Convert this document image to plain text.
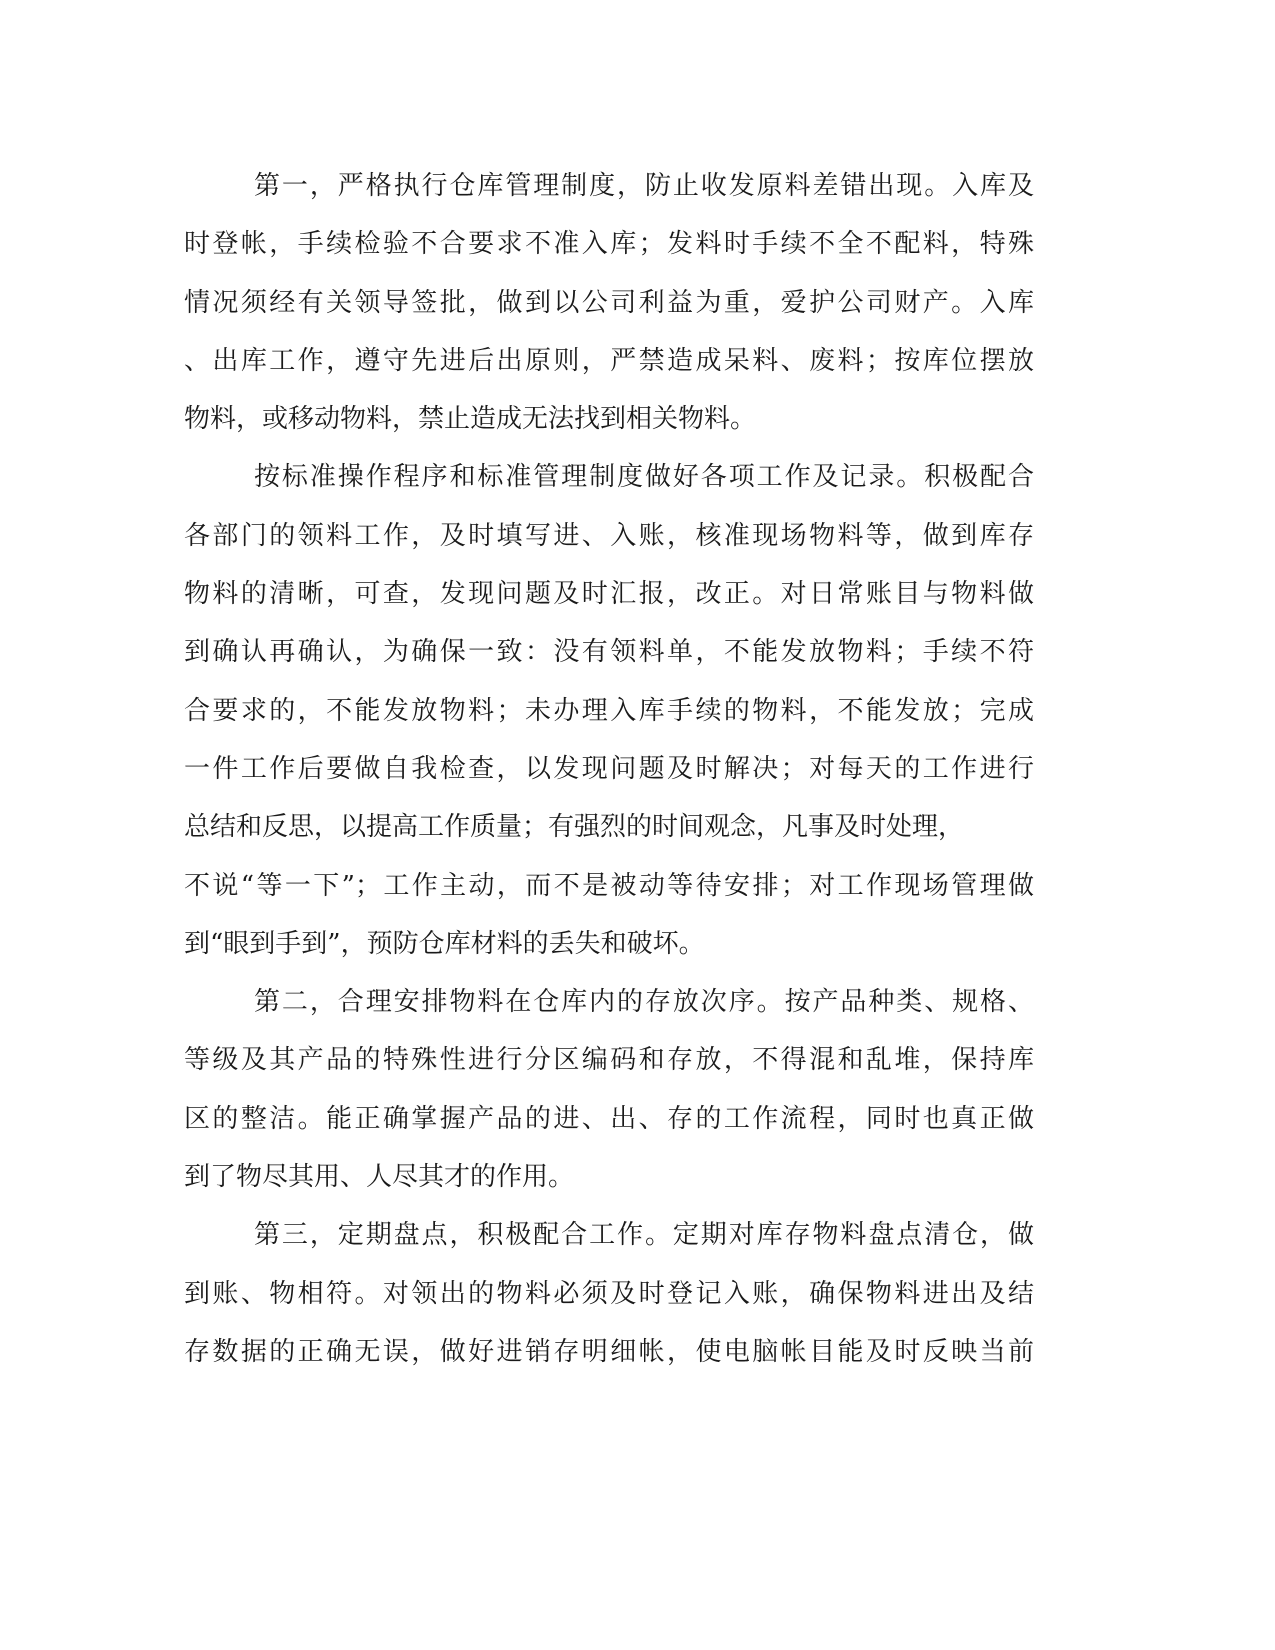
第一，严格执行仓库管理制度，防止收发原料差错出现。入库及
时登帐，手续检验不合要求不准入库；发料时手续不全不配料，特殊
情况须经有关领导签批，做到以公司利益为重，爱护公司财产。入库
、出库工作，遵守先进后出原则，严禁造成呆料、废料；按库位摆放
物料，或移动物料，禁止造成无法找到相关物料。
按标准操作程序和标准管理制度做好各项工作及记录。积极配合
各部门的领料工作，及时填写进、入账，核准现场物料等，做到库存
物料的清晰，可查，发现问题及时汇报，改正。对日常账目与物料做
到确认再确认，为确保一致：没有领料单，不能发放物料；手续不符
合要求的，不能发放物料；未办理入库手续的物料，不能发放；完成
一件工作后要做自我检查，以发现问题及时解决；对每天的工作进行
总结和反思，以提高工作质量；有强烈的时间观念，凡事及时处理，
不说“等一下”；工作主动，而不是被动等待安排；对工作现场管理做
到“眼到手到”，预防仓库材料的丢失和破坏。
第二，合理安排物料在仓库内的存放次序。按产品种类、规格、
等级及其产品的特殊性进行分区编码和存放，不得混和乱堆，保持库
区的整洁。能正确掌握产品的进、出、存的工作流程，同时也真正做
到了物尽其用、人尽其才的作用。
第三，定期盘点，积极配合工作。定期对库存物料盘点清仓，做
到账、物相符。对领出的物料必须及时登记入账，确保物料进出及结
存数据的正确无误，做好进销存明细帐，使电脑帐目能及时反映当前
